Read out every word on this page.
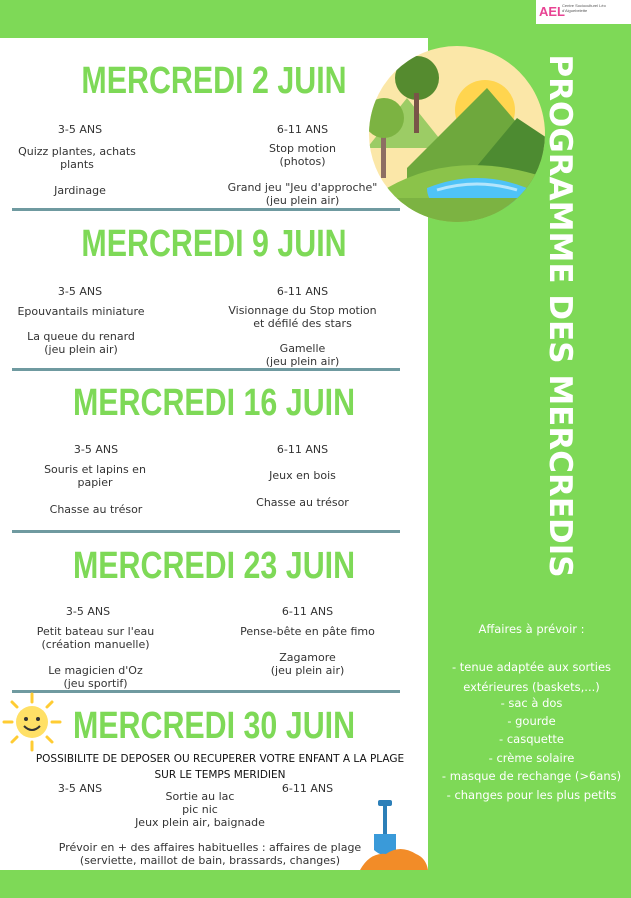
AEL
Centre Socioculturel Léo d'Aiguebelette
PROGRAMME DES MERCREDIS
MERCREDI 2 JUIN
3-5 ANS
Quizz plantes, achats
plants
Jardinage
6-11 ANS
Stop motion
(photos)
Grand jeu "Jeu d'approche"
(jeu plein air)
MERCREDI 9 JUIN
3-5 ANS
Epouvantails miniature
La queue du renard
(jeu plein air)
6-11 ANS
Visionnage du Stop motion
et défilé des stars
Gamelle
(jeu plein air)
MERCREDI 16 JUIN
3-5 ANS
Souris et lapins en
papier
Chasse au trésor
6-11 ANS
Jeux en bois
Chasse au trésor
MERCREDI 23 JUIN
3-5 ANS
Petit bateau sur l'eau
(création manuelle)
Le magicien d'Oz
(jeu sportif)
6-11 ANS
Pense-bête en pâte fimo
Zagamore
(jeu plein air)
MERCREDI 30 JUIN
POSSIBILITE DE DEPOSER OU RECUPERER VOTRE ENFANT A LA PLAGE
SUR LE TEMPS MERIDIEN
3-5 ANS	6-11 ANS
Sortie au lac
pic nic
Jeux plein air, baignade
Prévoir en + des affaires habituelles : affaires de plage
(serviette, maillot de bain, brassards, changes)
Affaires à prévoir :
- tenue adaptée aux sorties
extérieures (baskets,...)
- sac à dos
- gourde
- casquette
- crème solaire
- masque de rechange (>6ans)
- changes pour les plus petits
